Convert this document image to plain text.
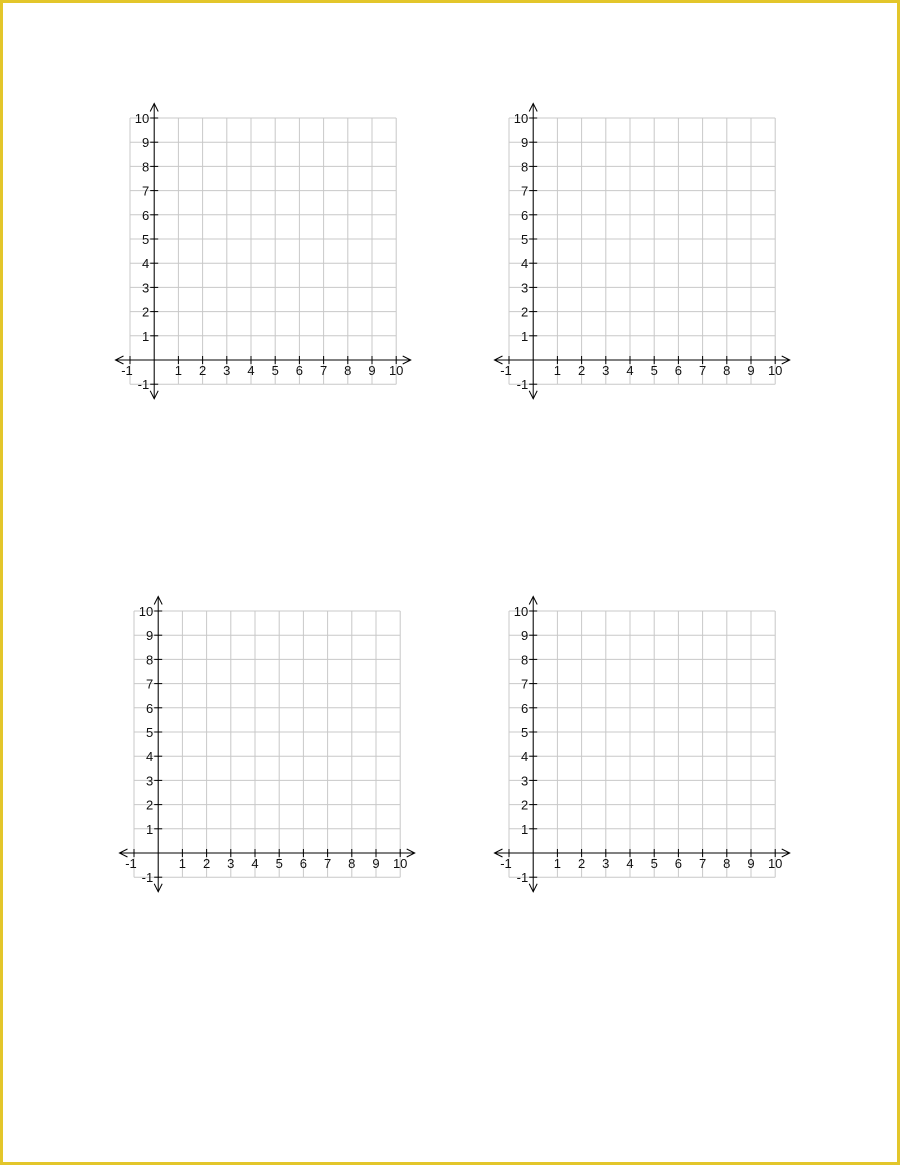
-1	1 2 3 4 5 6 7 8 9 10
10
9
8
7
6
5
4
3
2
1
-1
-1	1 2 3 4 5 6 7 8 9 10
10
9
8
7
6
5
4
3
2
1
-1
-1	1 2 3 4 5 6 7 8 9 10
10
9
8
7
6
5
4
3
2
1
-1
-1	1 2 3 4 5 6 7 8 9 10
10
9
8
7
6
5
4
3
2
1
-1
